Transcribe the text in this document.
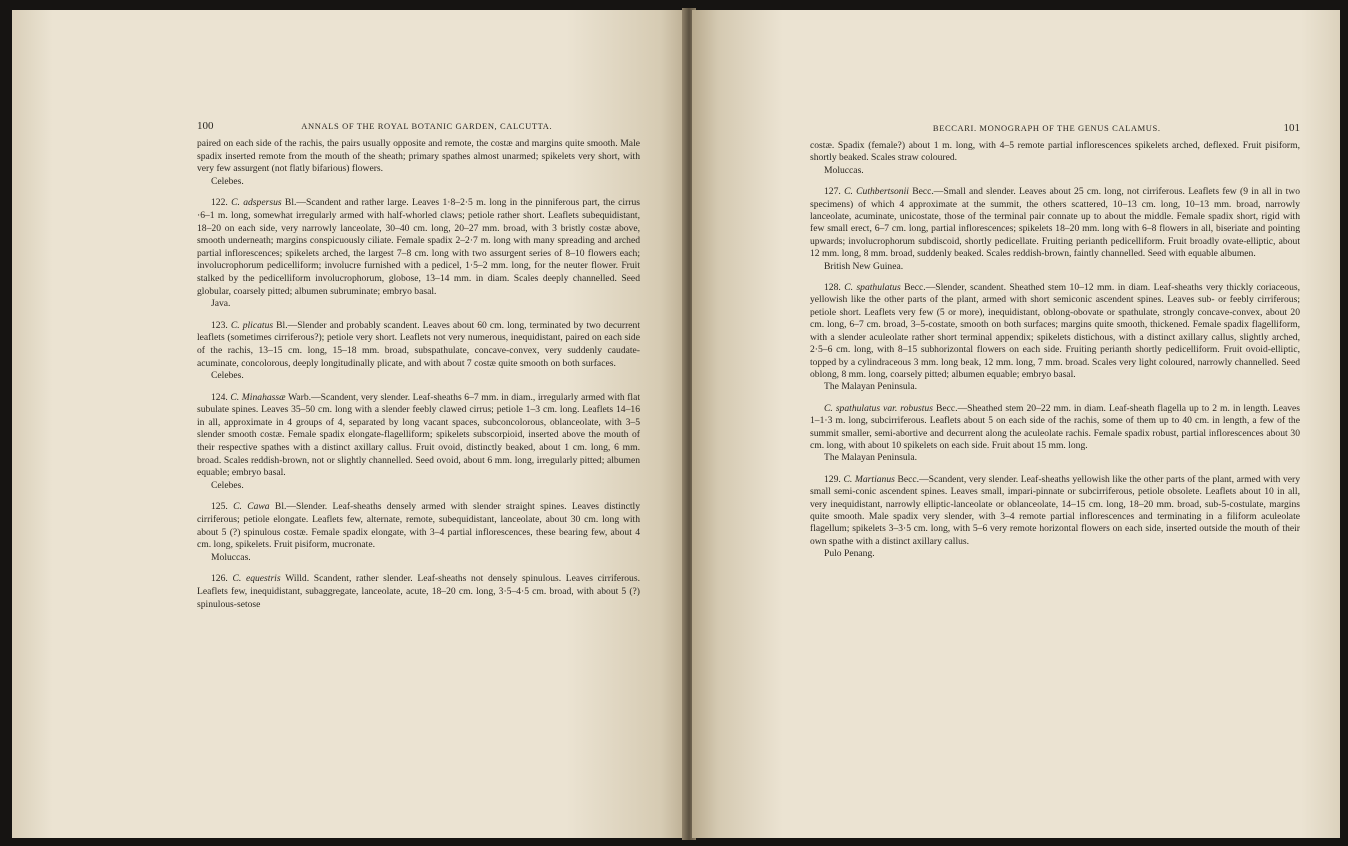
100	ANNALS OF THE ROYAL BOTANIC GARDEN, CALCUTTA.

paired on each side of the rachis, the pairs usually opposite and remote, the costæ and margins quite smooth. Male spadix inserted remote from the mouth of the sheath; primary spathes almost unarmed; spikelets very short, with very few assurgent (not flatly bifarious) flowers.

Celebes.

122. C. adspersus Bl.—Scandent and rather large. Leaves 1·8–2·5 m. long in the pinniferous part, the cirrus ·6–1 m. long, somewhat irregularly armed with half-whorled claws; petiole rather short. Leaflets subequidistant, 18–20 on each side, very narrowly lanceolate, 30–40 cm. long, 20–27 mm. broad, with 3 bristly costæ above, smooth underneath; margins conspicuously ciliate. Female spadix 2–2·7 m. long with many spreading and arched partial inflorescences; spikelets arched, the largest 7–8 cm. long with two assurgent series of 8–10 flowers each; involucrophorum pedicelliform; involucre furnished with a pedicel, 1·5–2 mm. long, for the neuter flower. Fruit stalked by the pedicelliform involucrophorum, globose, 13–14 mm. in diam. Scales deeply channelled. Seed globular, coarsely pitted; albumen subruminate; embryo basal.

Java.

123. C. plicatus Bl.—Slender and probably scandent. Leaves about 60 cm. long, terminated by two decurrent leaflets (sometimes cirriferous?); petiole very short. Leaflets not very numerous, inequidistant, paired on each side of the rachis, 13–15 cm. long, 15–18 mm. broad, subspathulate, concave-convex, very suddenly caudate-acuminate, concolorous, deeply longitudinally plicate, and with about 7 costæ quite smooth on both surfaces.

Celebes.

124. C. Minahassæ Warb.—Scandent, very slender. Leaf-sheaths 6–7 mm. in diam., irregularly armed with flat subulate spines. Leaves 35–50 cm. long with a slender feebly clawed cirrus; petiole 1–3 cm. long. Leaflets 14–16 in all, approximate in 4 groups of 4, separated by long vacant spaces, subconcolorous, oblanceolate, with 3–5 slender smooth costæ. Female spadix elongate-flagelliform; spikelets subscorpioid, inserted above the mouth of their respective spathes with a distinct axillary callus. Fruit ovoid, distinctly beaked, about 1 cm. long, 6 mm. broad. Scales reddish-brown, not or slightly channelled. Seed ovoid, about 6 mm. long, irregularly pitted; albumen equable; embryo basal.

Celebes.

125. C. Cawa Bl.—Slender. Leaf-sheaths densely armed with slender straight spines. Leaves distinctly cirriferous; petiole elongate. Leaflets few, alternate, remote, subequidistant, lanceolate, about 30 cm. long with about 5 (?) spinulous costæ. Female spadix elongate, with 3–4 partial inflorescences, these bearing few, about 4 cm. long, spikelets. Fruit pisiform, mucronate.

Moluccas.

126. C. equestris Willd. Scandent, rather slender. Leaf-sheaths not densely spinulous. Leaves cirriferous. Leaflets few, inequidistant, subaggregate, lanceolate, acute, 18–20 cm. long, 3·5–4·5 cm. broad, with about 5 (?) spinulous-setose

BECCARI. MONOGRAPH OF THE GENUS CALAMUS.	101

costæ. Spadix (female?) about 1 m. long, with 4–5 remote partial inflorescences spikelets arched, deflexed. Fruit pisiform, shortly beaked. Scales straw coloured.

Moluccas.

127. C. Cuthbertsonii Becc.—Small and slender. Leaves about 25 cm. long, not cirriferous. Leaflets few (9 in all in two specimens) of which 4 approximate at the summit, the others scattered, 10–13 cm. long, 10–13 mm. broad, narrowly lanceolate, acuminate, unicostate, those of the terminal pair connate up to about the middle. Female spadix short, rigid with few small erect, 6–7 cm. long, partial inflorescences; spikelets 18–20 mm. long with 6–8 flowers in all, biseriate and pointing upwards; involucrophorum subdiscoid, shortly pedicellate. Fruiting perianth pedicelliform. Fruit broadly ovate-elliptic, about 12 mm. long, 8 mm. broad, suddenly beaked. Scales reddish-brown, faintly channelled. Seed with equable albumen.

British New Guinea.

128. C. spathulatus Becc.—Slender, scandent. Sheathed stem 10–12 mm. in diam. Leaf-sheaths very thickly coriaceous, yellowish like the other parts of the plant, armed with short semiconic ascendent spines. Leaves sub- or feebly cirriferous; petiole short. Leaflets very few (5 or more), inequidistant, oblong-obovate or spathulate, strongly concave-convex, about 20 cm. long, 6–7 cm. broad, 3–5-costate, smooth on both surfaces; margins quite smooth, thickened. Female spadix flagelliform, with a slender aculeolate rather short terminal appendix; spikelets distichous, with a distinct axillary callus, slightly arched, 2·5–6 cm. long, with 8–15 subhorizontal flowers on each side. Fruiting perianth shortly pedicelliform. Fruit ovoid-elliptic, topped by a cylindraceous 3 mm. long beak, 12 mm. long, 7 mm. broad. Scales very light coloured, narrowly channelled. Seed oblong, 8 mm. long, coarsely pitted; albumen equable; embryo basal.

The Malayan Peninsula.

C. spathulatus var. robustus Becc.—Sheathed stem 20–22 mm. in diam. Leaf-sheath flagella up to 2 m. in length. Leaves 1–1·3 m. long, subcirriferous. Leaflets about 5 on each side of the rachis, some of them up to 40 cm. in length, a few of the summit smaller, semi-abortive and decurrent along the aculeolate rachis. Female spadix robust, partial inflorescences about 30 cm. long, with about 10 spikelets on each side. Fruit about 15 mm. long.

The Malayan Peninsula.

129. C. Martianus Becc.—Scandent, very slender. Leaf-sheaths yellowish like the other parts of the plant, armed with very small semi-conic ascendent spines. Leaves small, impari-pinnate or subcirriferous, petiole obsolete. Leaflets about 10 in all, very inequidistant, narrowly elliptic-lanceolate or oblanceolate, 14–15 cm. long, 18–20 mm. broad, sub-5-costulate, margins quite smooth. Male spadix very slender, with 3–4 remote partial inflorescences and terminating in a filiform aculeolate flagellum; spikelets 3–3·5 cm. long, with 5–6 very remote horizontal flowers on each side, inserted outside the mouth of their own spathe with a distinct axillary callus.

Pulo Penang.
